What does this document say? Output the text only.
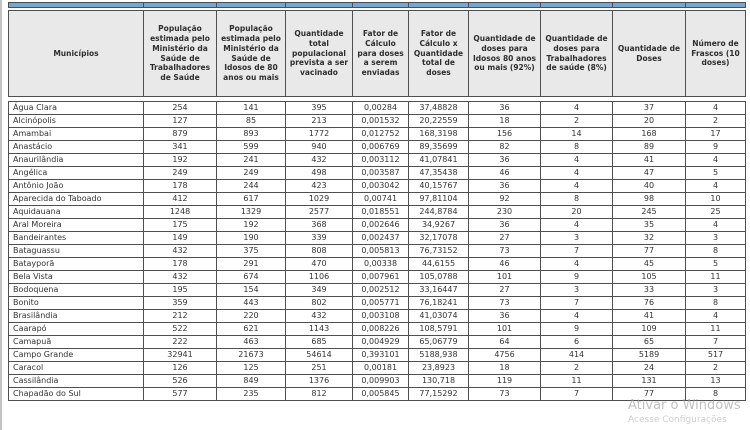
Municípios	População estimada pelo Ministério da Saúde de Trabalhadores de Saúde	População estimada pelo Ministério da Saúde de Idosos de 80 anos ou mais	Quantidade total populacional prevista a ser vacinado	Fator de Cálculo para doses a serem enviadas	Fator de Cálculo x Quantidade total de doses	Quantidade de doses para Idosos 80 anos ou mais (92%)	Quantidade de doses para Trabalhadores de saúde (8%)	Quantidade de Doses	Número de Frascos (10 doses)
Água Clara	254	141	395	0,00284	37,48828	36	4	37	4
Alcinópolis	127	85	213	0,001532	20,22559	18	2	20	2
Amambai	879	893	1772	0,012752	168,3198	156	14	168	17
Anastácio	341	599	940	0,006769	89,35699	82	8	89	9
Anaurilândia	192	241	432	0,003112	41,07841	36	4	41	4
Angélica	249	249	498	0,003587	47,35438	46	4	47	5
Antônio João	178	244	423	0,003042	40,15767	36	4	40	4
Aparecida do Taboado	412	617	1029	0,00741	97,81104	92	8	98	10
Aquidauana	1248	1329	2577	0,018551	244,8784	230	20	245	25
Aral Moreira	175	192	368	0,002646	34,9267	36	4	35	4
Bandeirantes	149	190	339	0,002437	32,17078	27	3	32	3
Bataguassu	432	375	808	0,005813	76,73152	73	7	77	8
Batayporã	178	291	470	0,00338	44,6155	46	4	45	5
Bela Vista	432	674	1106	0,007961	105,0788	101	9	105	11
Bodoquena	195	154	349	0,002512	33,16447	27	3	33	3
Bonito	359	443	802	0,005771	76,18241	73	7	76	8
Brasilândia	212	220	432	0,003108	41,03074	36	4	41	4
Caarapó	522	621	1143	0,008226	108,5791	101	9	109	11
Camapuã	222	463	685	0,004929	65,06779	64	6	65	7
Campo Grande	32941	21673	54614	0,393101	5188,938	4756	414	5189	517
Caracol	126	125	251	0,00181	23,8923	18	2	24	2
Cassilândia	526	849	1376	0,009903	130,718	119	11	131	13
Chapadão do Sul	577	235	812	0,005845	77,15292	73	7	77	8
Ativar o Windows
Acesse Configurações
